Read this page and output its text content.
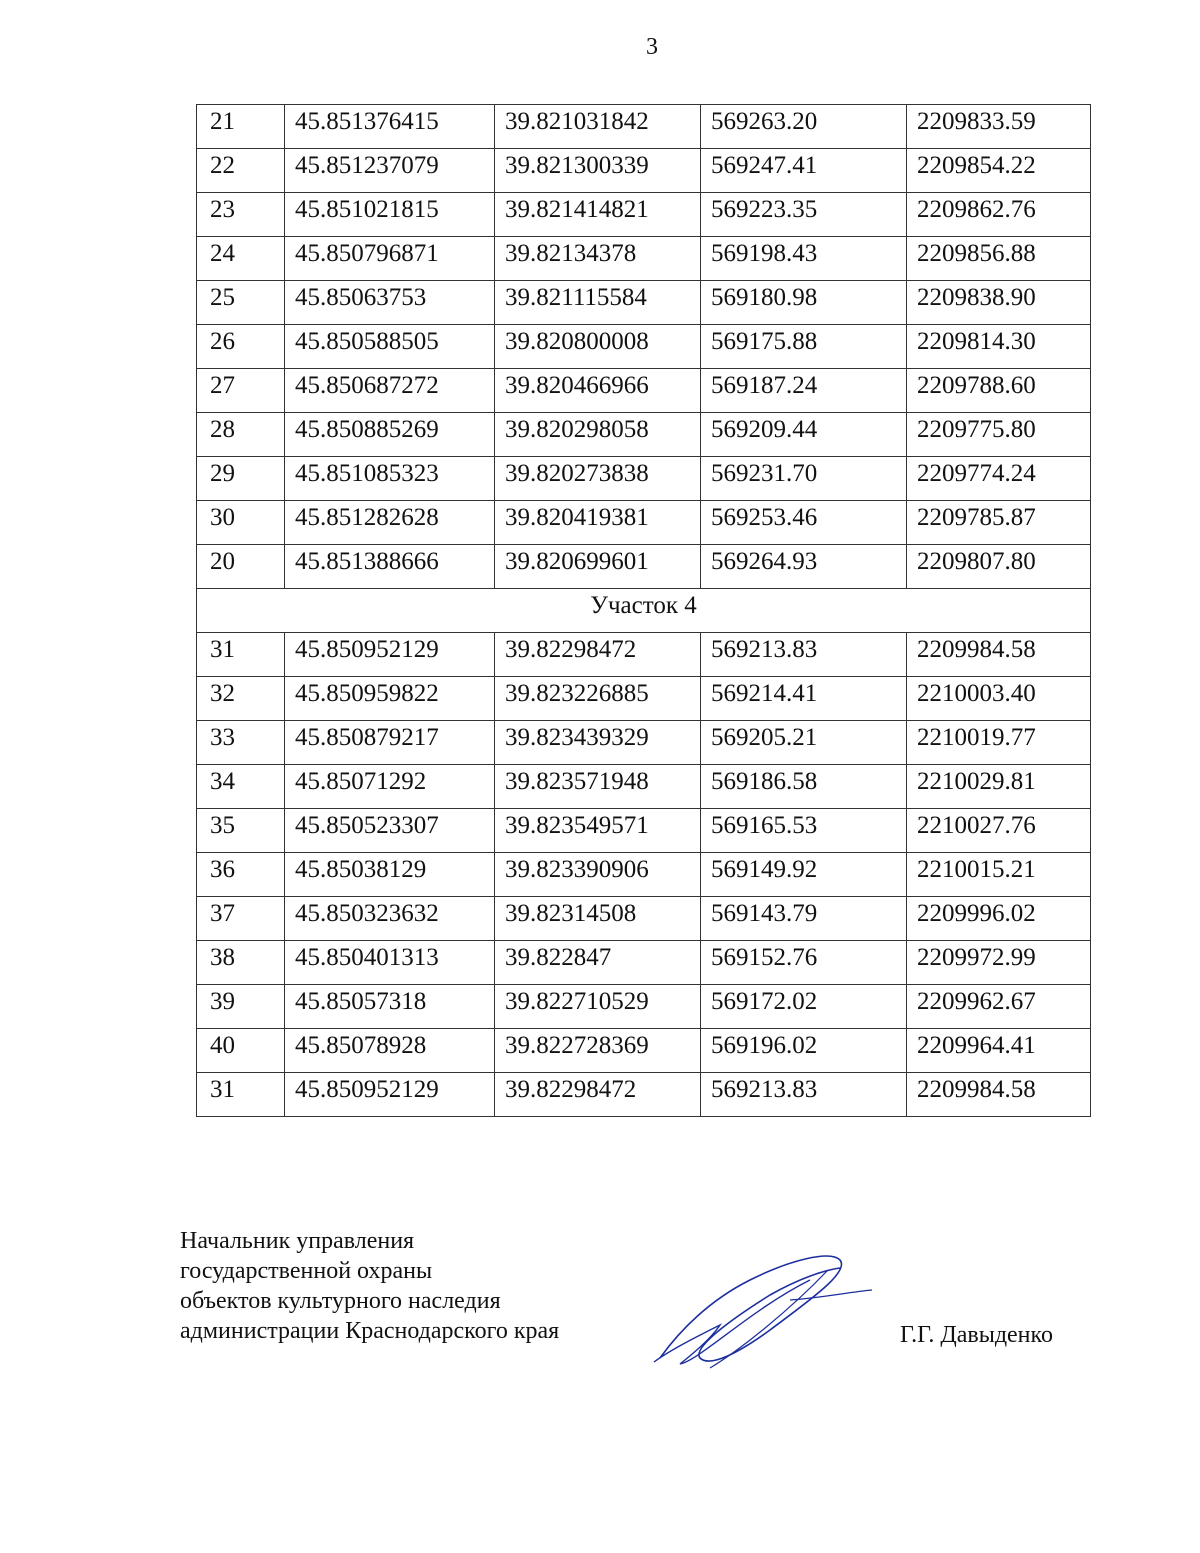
3
21	45.851376415	39.821031842	569263.20	2209833.59
22	45.851237079	39.821300339	569247.41	2209854.22
23	45.851021815	39.821414821	569223.35	2209862.76
24	45.850796871	39.82134378	569198.43	2209856.88
25	45.85063753	39.821115584	569180.98	2209838.90
26	45.850588505	39.820800008	569175.88	2209814.30
27	45.850687272	39.820466966	569187.24	2209788.60
28	45.850885269	39.820298058	569209.44	2209775.80
29	45.851085323	39.820273838	569231.70	2209774.24
30	45.851282628	39.820419381	569253.46	2209785.87
20	45.851388666	39.820699601	569264.93	2209807.80
Участок 4				
31	45.850952129	39.82298472	569213.83	2209984.58
32	45.850959822	39.823226885	569214.41	2210003.40
33	45.850879217	39.823439329	569205.21	2210019.77
34	45.85071292	39.823571948	569186.58	2210029.81
35	45.850523307	39.823549571	569165.53	2210027.76
36	45.85038129	39.823390906	569149.92	2210015.21
37	45.850323632	39.82314508	569143.79	2209996.02
38	45.850401313	39.822847	569152.76	2209972.99
39	45.85057318	39.822710529	569172.02	2209962.67
40	45.85078928	39.822728369	569196.02	2209964.41
31	45.850952129	39.82298472	569213.83	2209984.58
Начальник управления
государственной охраны
объектов культурного наследия
администрации Краснодарского края	Г.Г. Давыденко
